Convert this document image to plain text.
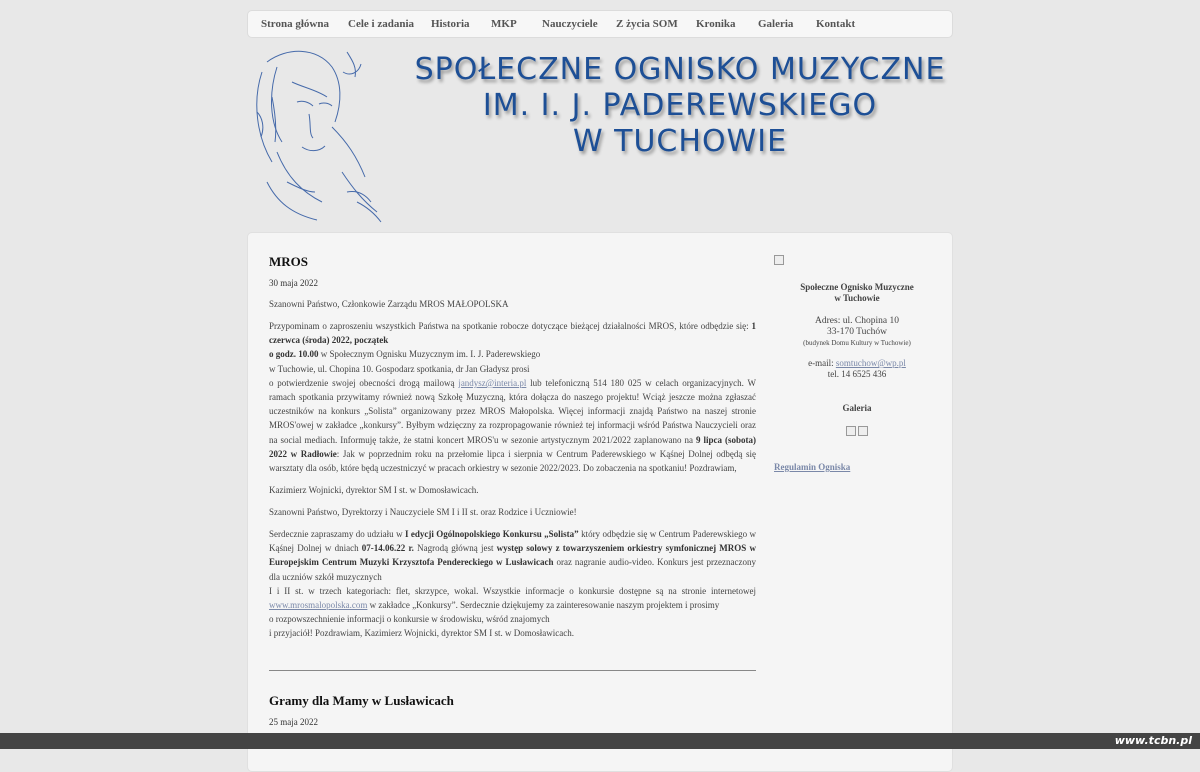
Strona główna Cele i zadania Historia MKP Nauczyciele Z życia SOM Kronika Galeria Kontakt
SPOŁECZNE OGNISKO MUZYCZNE
IM. I. J. PADEREWSKIEGO
W TUCHOWIE
MROS
30 maja 2022

Szanowni Państwo, Członkowie Zarządu MROS MAŁOPOLSKA

Przypominam o zaproszeniu wszystkich Państwa na spotkanie robocze dotyczące bieżącej działalności MROS, które odbędzie się: 1 czerwca (środa) 2022, początek
o godz. 10.00 w Społecznym Ognisku Muzycznym im. I. J. Paderewskiego
w Tuchowie, ul. Chopina 10. Gospodarz spotkania, dr Jan Gładysz prosi
o potwierdzenie swojej obecności drogą mailową jandysz@interia.pl lub telefoniczną 514 180 025 w celach organizacyjnych. W ramach spotkania przywitamy również nową Szkołę Muzyczną, która dołącza do naszego projektu! Wciąż jeszcze można zgłaszać uczestników na konkurs „Solista” organizowany przez MROS Małopolska. Więcej informacji znajdą Państwo na naszej stronie MROS'owej w zakładce „konkursy”. Byłbym wdzięczny za rozpropagowanie również tej informacji wśród Państwa Nauczycieli oraz na social mediach. Informuję także, że statni koncert MROS'u w sezonie artystycznym 2021/2022 zaplanowano na 9 lipca (sobota) 2022 w Radłowie: Jak w poprzednim roku na przełomie lipca i sierpnia w Centrum Paderewskiego w Kąśnej Dolnej odbędą się warsztaty dla osób, które będą uczestniczyć w pracach orkiestry w sezonie 2022/2023. Do zobaczenia na spotkaniu! Pozdrawiam,

Kazimierz Wojnicki, dyrektor SM I st. w Domosławicach.

Szanowni Państwo, Dyrektorzy i Nauczyciele SM I i II st. oraz Rodzice i Uczniowie!

Serdecznie zapraszamy do udziału w I edycji Ogólnopolskiego Konkursu „Solista” który odbędzie się w Centrum Paderewskiego w Kąśnej Dolnej w dniach 07-14.06.22 r. Nagrodą główną jest występ solowy z towarzyszeniem orkiestry symfonicznej MROS w Europejskim Centrum Muzyki Krzysztofa Pendereckiego w Lusławicach oraz nagranie audio-video. Konkurs jest przeznaczony dla uczniów szkół muzycznych
I i II st. w trzech kategoriach: flet, skrzypce, wokal. Wszystkie informacje o konkursie dostępne są na stronie internetowej www.mrosmalopolska.com w zakładce „Konkursy”. Serdecznie dziękujemy za zainteresowanie naszym projektem i prosimy
o rozpowszechnienie informacji o konkursie w środowisku, wśród znajomych
i przyjaciół! Pozdrawiam, Kazimierz Wojnicki, dyrektor SM I st. w Domosławicach.

Gramy dla Mamy w Lusławicach
25 maja 2022

Społeczne Ognisko Muzyczne
w Tuchowie
Adres: ul. Chopina 10
33-170 Tuchów
(budynek Domu Kultury w Tuchowie)
e-mail: somtuchow@wp.pl
tel. 14 6525 436
Galeria
Regulamin Ogniska
www.tcbn.pl
